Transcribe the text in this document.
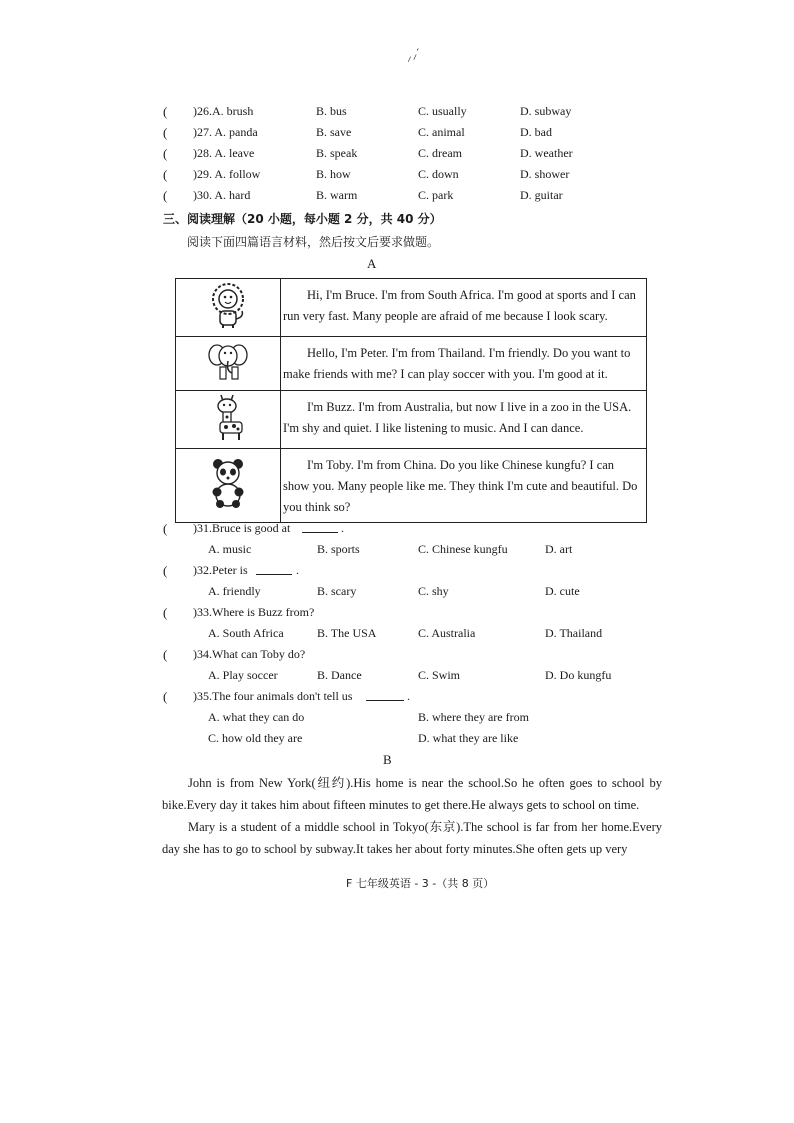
⸝⸝ˊ
( )26.A. brush	B. bus	C. usually	D. subway
( )27. A. panda	B. save	C. animal	D. bad
( )28. A. leave	B. speak	C. dream	D. weather
( )29. A. follow	B. how	C. down	D. shower
( )30. A. hard	B. warm	C. park	D. guitar
三、阅读理解（20 小题，每小题 2 分，共 40 分）
阅读下面四篇语言材料，然后按文后要求做题。
A
	Hi, I'm Bruce. I'm from South Africa. I'm good at sports and I can run very fast. Many people are afraid of me because I look scary.
	Hello, I'm Peter. I'm from Thailand. I'm friendly. Do you want to make friends with me? I can play soccer with you. I'm good at it.
	I'm Buzz. I'm from Australia, but now I live in a zoo in the USA. I'm shy and quiet. I like listening to music. And I can dance.
	I'm Toby. I'm from China. Do you like Chinese kungfu? I can show you. Many people like me. They think I'm cute and beautiful. Do you think so?
( )31.Bruce is good at	.
A. music	B. sports	C. Chinese kungfu	D. art
( )32.Peter is	.
A. friendly	B. scary	C. shy	D. cute
( )33.Where is Buzz from?
A. South Africa	B. The USA	C. Australia	D. Thailand
( )34.What can Toby do?
A. Play soccer	B. Dance	C. Swim	D. Do kungfu
( )35.The four animals don't tell us	.
A. what they can do	B. where they are from
C. how old they are	D. what they are like
B
John is from New York(纽约).His home is near the school.So he often goes to school by bike.Every day it takes him about fifteen minutes to get there.He always gets to school on time.
Mary is a student of a middle school in Tokyo(东京).The school is far from her home.Every day she has to go to school by subway.It takes her about forty minutes.She often gets up very
F 七年级英语 - 3 -（共 8 页）
